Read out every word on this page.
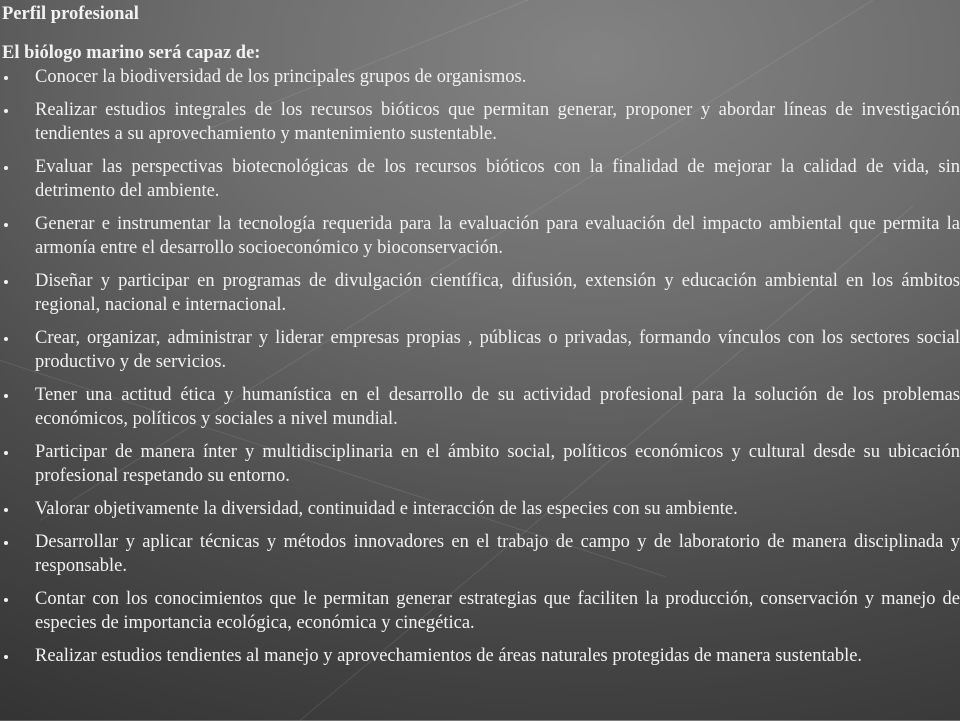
Perfil profesional
El biólogo marino será capaz de:
Conocer la biodiversidad de los principales grupos de organismos.
Realizar estudios integrales de los recursos bióticos que permitan generar, proponer y abordar líneas de investigación tendientes a su aprovechamiento y mantenimiento sustentable.
Evaluar las perspectivas biotecnológicas de los recursos bióticos con la finalidad de mejorar la calidad de vida, sin detrimento del ambiente.
Generar e instrumentar la tecnología requerida para la evaluación para evaluación del impacto ambiental que permita la armonía entre el desarrollo socioeconómico y bioconservación.
Diseñar y participar en programas de divulgación científica, difusión, extensión y educación ambiental en los ámbitos regional, nacional e internacional.
Crear, organizar, administrar y liderar empresas propias , públicas o privadas, formando vínculos con los sectores social productivo y de servicios.
Tener una actitud ética y humanística en el desarrollo de su actividad profesional para la solución de los problemas económicos, políticos y sociales a nivel mundial.
Participar de manera ínter y multidisciplinaria en el ámbito social, políticos económicos y cultural desde su ubicación profesional respetando su entorno.
Valorar objetivamente la diversidad, continuidad e interacción de las especies con su ambiente.
Desarrollar y aplicar técnicas y métodos innovadores en el trabajo de campo y de laboratorio de manera disciplinada y responsable.
Contar con los conocimientos que le permitan generar estrategias que faciliten la producción, conservación y manejo de especies de importancia ecológica, económica y cinegética.
Realizar estudios tendientes al manejo y aprovechamientos de áreas naturales protegidas de manera sustentable.
